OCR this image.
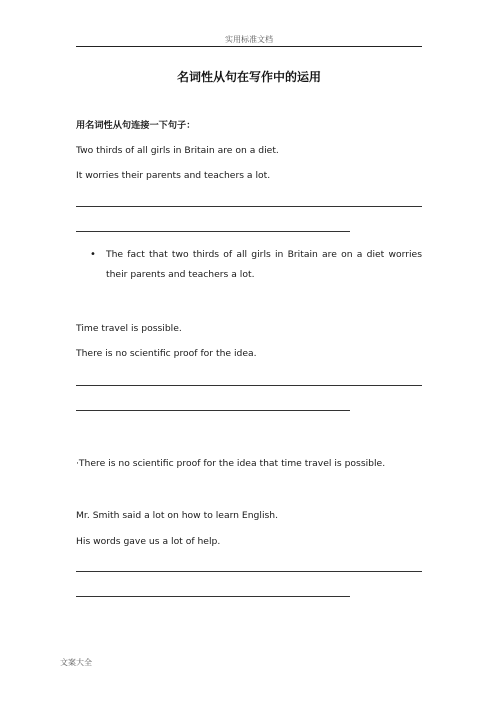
实用标准文档
名词性从句在写作中的运用
用名词性从句连接一下句子：
Two thirds of all girls in Britain are on a diet.
It worries their parents and teachers a lot.
• The fact that two thirds of all girls in Britain are on a diet worries their parents and teachers a lot.
Time travel is possible.
There is no scientific proof for the idea.
·There is no scientific proof for the idea that time travel is possible.
Mr. Smith said a lot on how to learn English.
His words gave us a lot of help.
文案大全
